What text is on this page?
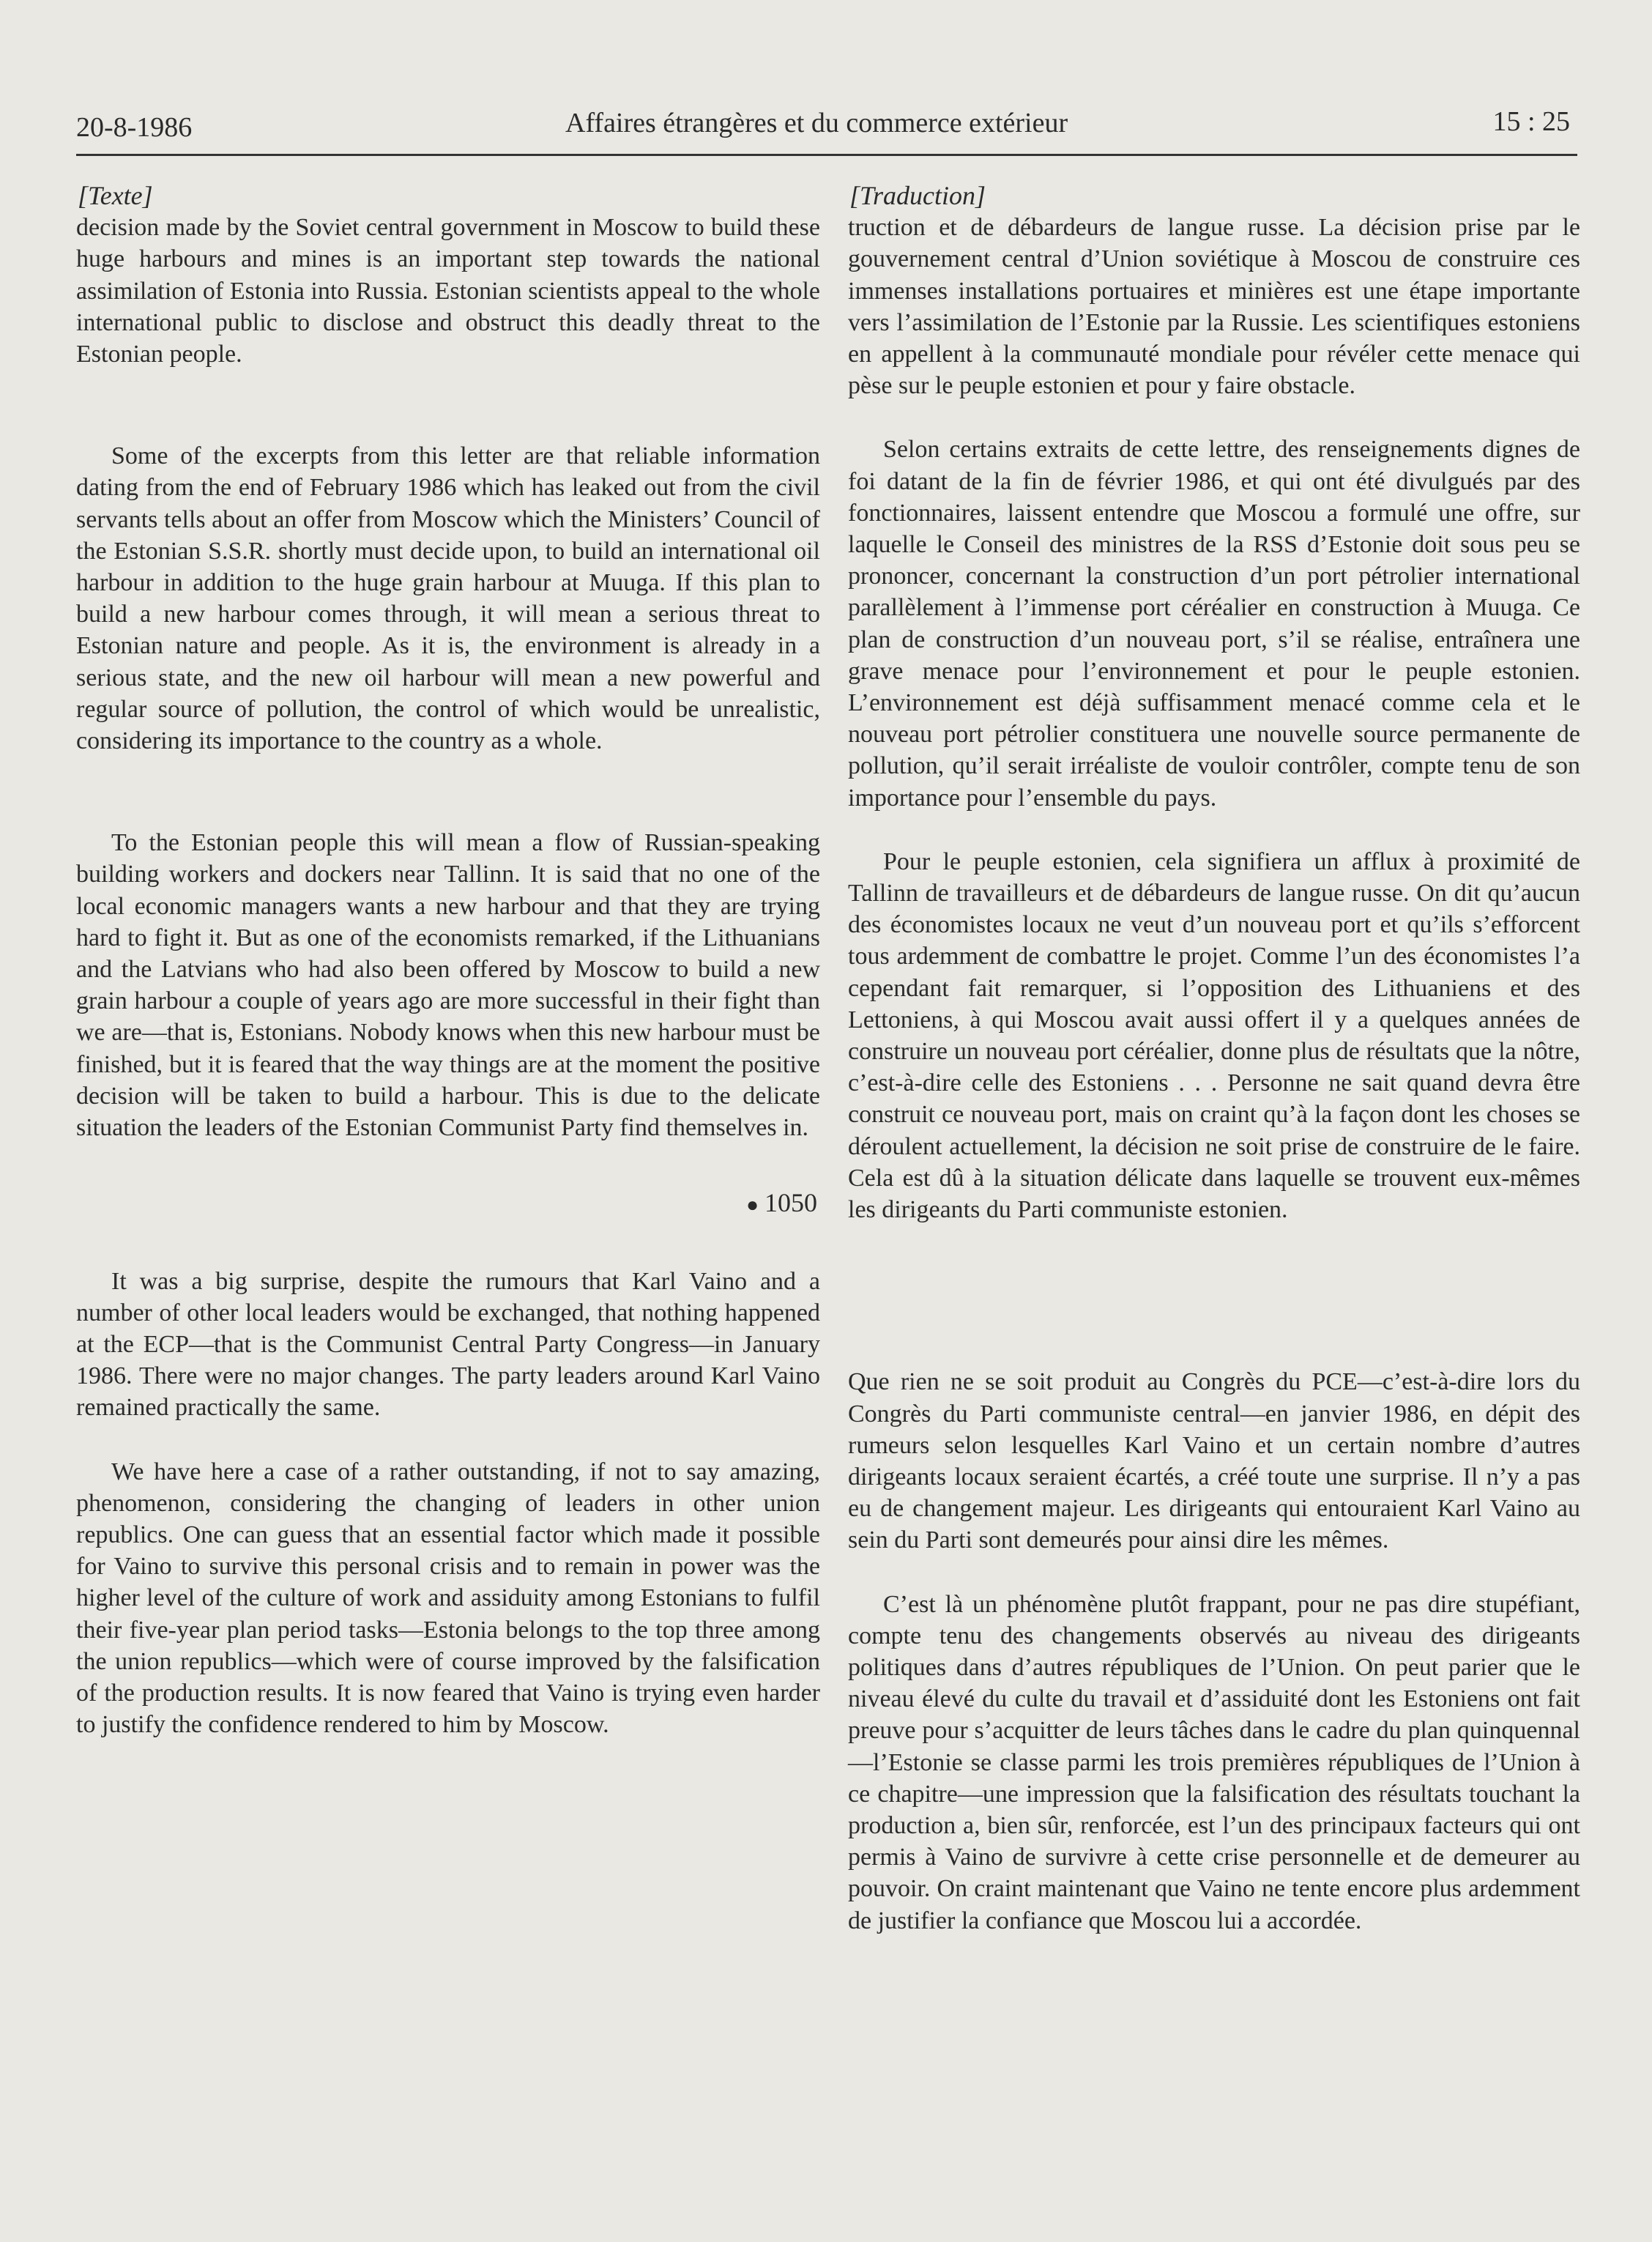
20-8-1986	Affaires étrangères et du commerce extérieur	15 : 25
[Texte]

decision made by the Soviet central government in Moscow to build these huge harbours and mines is an important step towards the national assimilation of Estonia into Russia. Estonian scientists appeal to the whole international public to disclose and obstruct this deadly threat to the Estonian people.

Some of the excerpts from this letter are that reliable information dating from the end of February 1986 which has leaked out from the civil servants tells about an offer from Moscow which the Ministers’ Council of the Estonian S.S.R. shortly must decide upon, to build an international oil harbour in addition to the huge grain harbour at Muuga. If this plan to build a new harbour comes through, it will mean a serious threat to Estonian nature and people. As it is, the environment is already in a serious state, and the new oil harbour will mean a new powerful and regular source of pollution, the control of which would be unrealistic, considering its importance to the country as a whole.

To the Estonian people this will mean a flow of Russian-speaking building workers and dockers near Tallinn. It is said that no one of the local economic managers wants a new harbour and that they are trying hard to fight it. But as one of the economists remarked, if the Lithuanians and the Latvians who had also been offered by Moscow to build a new grain harbour a couple of years ago are more successful in their fight than we are—that is, Estonians. Nobody knows when this new harbour must be finished, but it is feared that the way things are at the moment the positive decision will be taken to build a harbour. This is due to the delicate situation the leaders of the Estonian Communist Party find themselves in.

● 1050

It was a big surprise, despite the rumours that Karl Vaino and a number of other local leaders would be exchanged, that nothing happened at the ECP—that is the Communist Central Party Congress—in January 1986. There were no major changes. The party leaders around Karl Vaino remained practically the same.

We have here a case of a rather outstanding, if not to say amazing, phenomenon, considering the changing of leaders in other union republics. One can guess that an essential factor which made it possible for Vaino to survive this personal crisis and to remain in power was the higher level of the culture of work and assiduity among Estonians to fulfil their five-year plan period tasks—Estonia belongs to the top three among the union republics—which were of course improved by the falsification of the production results. It is now feared that Vaino is trying even harder to justify the confidence rendered to him by Moscow.

[Traduction]

truction et de débardeurs de langue russe. La décision prise par le gouvernement central d’Union soviétique à Moscou de construire ces immenses installations portuaires et minières est une étape importante vers l’assimilation de l’Estonie par la Russie. Les scientifiques estoniens en appellent à la communauté mondiale pour révéler cette menace qui pèse sur le peuple estonien et pour y faire obstacle.

Selon certains extraits de cette lettre, des renseignements dignes de foi datant de la fin de février 1986, et qui ont été divulgués par des fonctionnaires, laissent entendre que Moscou a formulé une offre, sur laquelle le Conseil des ministres de la RSS d’Estonie doit sous peu se prononcer, concernant la construction d’un port pétrolier international parallèlement à l’immense port céréalier en construction à Muuga. Ce plan de construction d’un nouveau port, s’il se réalise, entraînera une grave menace pour l’environnement et pour le peuple estonien. L’environnement est déjà suffisamment menacé comme cela et le nouveau port pétrolier constituera une nouvelle source permanente de pollution, qu’il serait irréaliste de vouloir contrôler, compte tenu de son importance pour l’ensemble du pays.

Pour le peuple estonien, cela signifiera un afflux à proximité de Tallinn de travailleurs et de débardeurs de langue russe. On dit qu’aucun des économistes locaux ne veut d’un nouveau port et qu’ils s’efforcent tous ardemment de combattre le projet. Comme l’un des économistes l’a cependant fait remarquer, si l’opposition des Lithuaniens et des Lettoniens, à qui Moscou avait aussi offert il y a quelques années de construire un nouveau port céréalier, donne plus de résultats que la nôtre, c’est-à-dire celle des Estoniens . . . Personne ne sait quand devra être construit ce nouveau port, mais on craint qu’à la façon dont les choses se déroulent actuellement, la décision ne soit prise de construire de le faire. Cela est dû à la situation délicate dans laquelle se trouvent eux-mêmes les dirigeants du Parti communiste estonien.

Que rien ne se soit produit au Congrès du PCE—c’est-à-dire lors du Congrès du Parti communiste central—en janvier 1986, en dépit des rumeurs selon lesquelles Karl Vaino et un certain nombre d’autres dirigeants locaux seraient écartés, a créé toute une surprise. Il n’y a pas eu de changement majeur. Les dirigeants qui entouraient Karl Vaino au sein du Parti sont demeurés pour ainsi dire les mêmes.

C’est là un phénomène plutôt frappant, pour ne pas dire stupéfiant, compte tenu des changements observés au niveau des dirigeants politiques dans d’autres républiques de l’Union. On peut parier que le niveau élevé du culte du travail et d’assiduité dont les Estoniens ont fait preuve pour s’acquitter de leurs tâches dans le cadre du plan quinquennal—l’Estonie se classe parmi les trois premières républiques de l’Union à ce chapitre—une impression que la falsification des résultats touchant la production a, bien sûr, renforcée, est l’un des principaux facteurs qui ont permis à Vaino de survivre à cette crise personnelle et de demeurer au pouvoir. On craint maintenant que Vaino ne tente encore plus ardemment de justifier la confiance que Moscou lui a accordée.
